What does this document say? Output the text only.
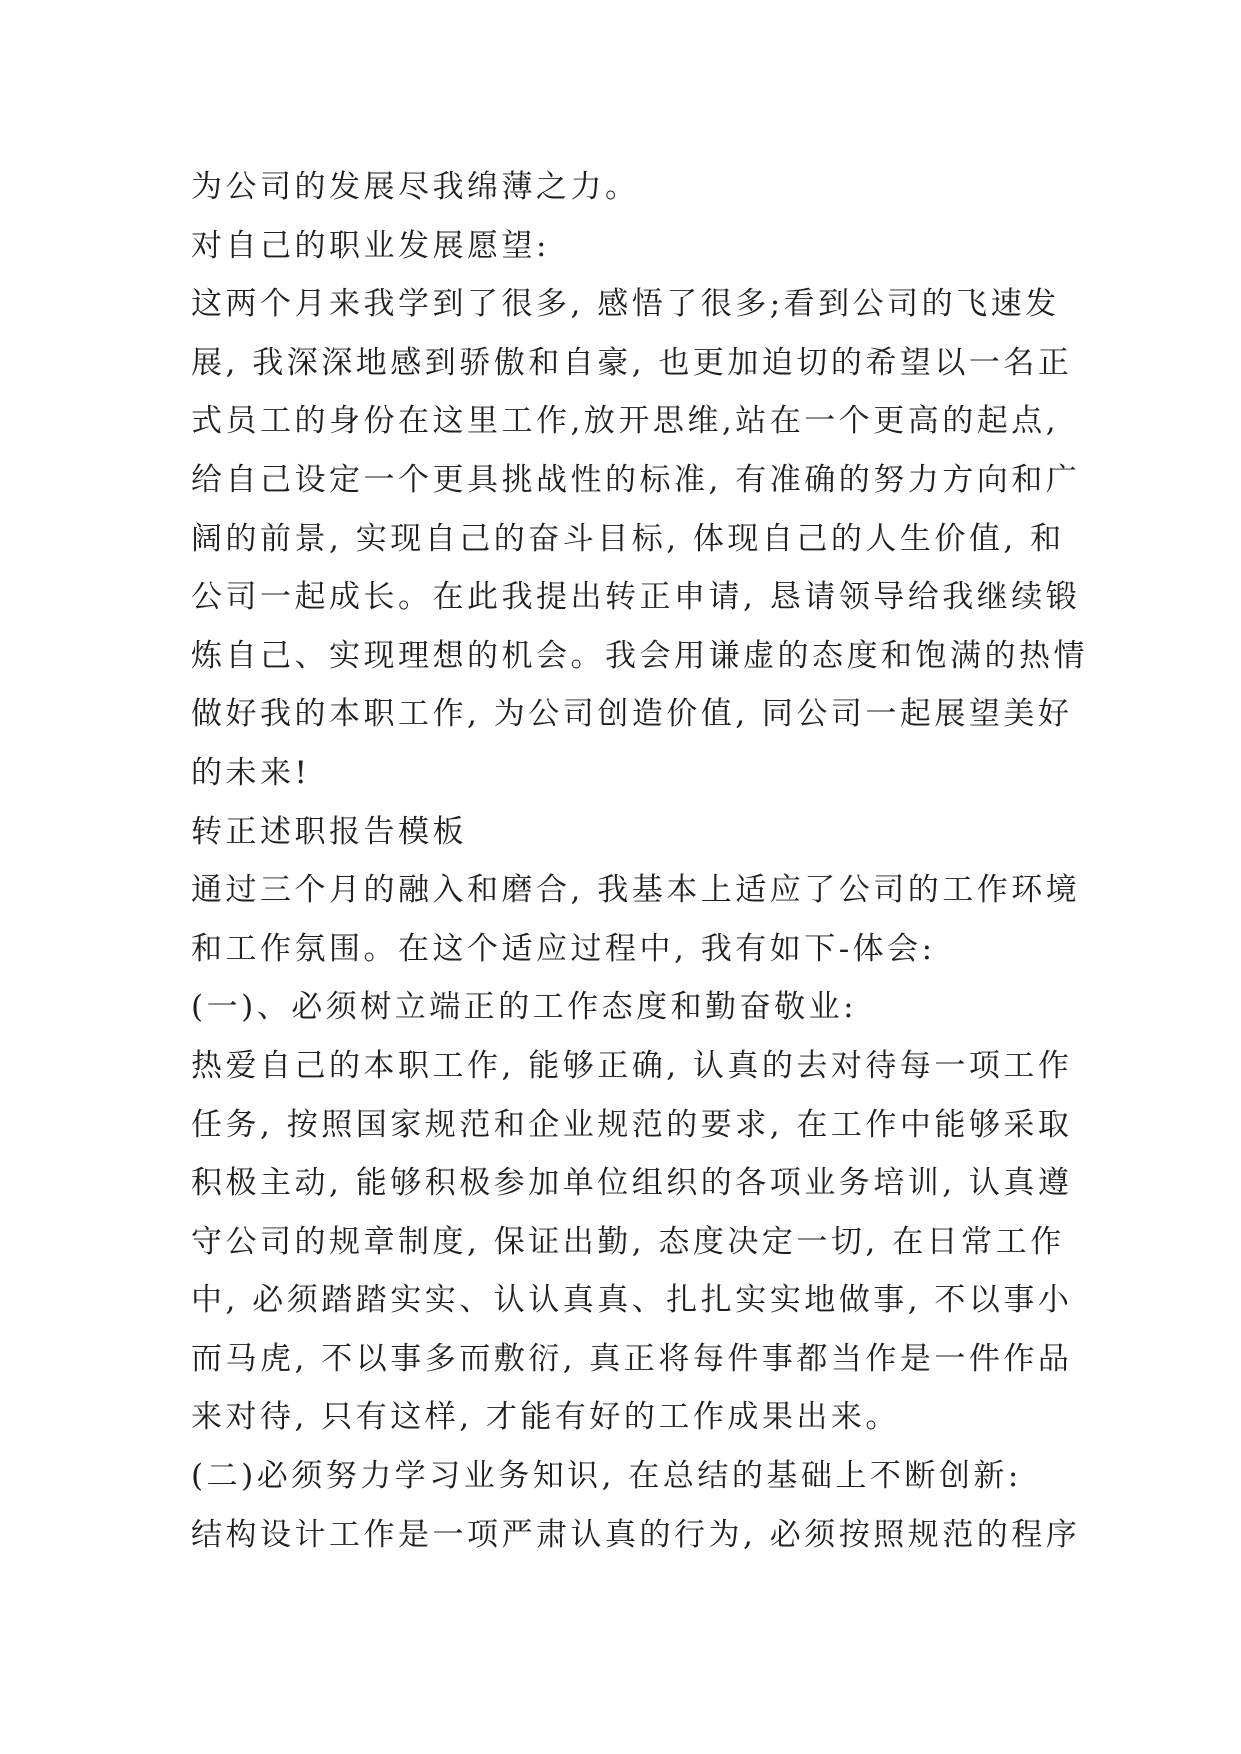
为公司的发展尽我绵薄之力。
对自己的职业发展愿望:
这两个月来我学到了很多, 感悟了很多;看到公司的飞速发
展, 我深深地感到骄傲和自豪, 也更加迫切的希望以一名正
式员工的身份在这里工作,放开思维,站在一个更高的起点,
给自己设定一个更具挑战性的标准, 有准确的努力方向和广
阔的前景, 实现自己的奋斗目标, 体现自己的人生价值, 和
公司一起成长。在此我提出转正申请, 恳请领导给我继续锻
炼自己、实现理想的机会。我会用谦虚的态度和饱满的热情
做好我的本职工作, 为公司创造价值, 同公司一起展望美好
的未来!
转正述职报告模板
通过三个月的融入和磨合, 我基本上适应了公司的工作环境
和工作氛围。在这个适应过程中, 我有如下-体会:
(一)、必须树立端正的工作态度和勤奋敬业:
热爱自己的本职工作, 能够正确, 认真的去对待每一项工作
任务, 按照国家规范和企业规范的要求, 在工作中能够采取
积极主动, 能够积极参加单位组织的各项业务培训, 认真遵
守公司的规章制度, 保证出勤, 态度决定一切, 在日常工作
中, 必须踏踏实实、认认真真、扎扎实实地做事, 不以事小
而马虎, 不以事多而敷衍, 真正将每件事都当作是一件作品
来对待, 只有这样, 才能有好的工作成果出来。
(二)必须努力学习业务知识, 在总结的基础上不断创新:
结构设计工作是一项严肃认真的行为, 必须按照规范的程序
